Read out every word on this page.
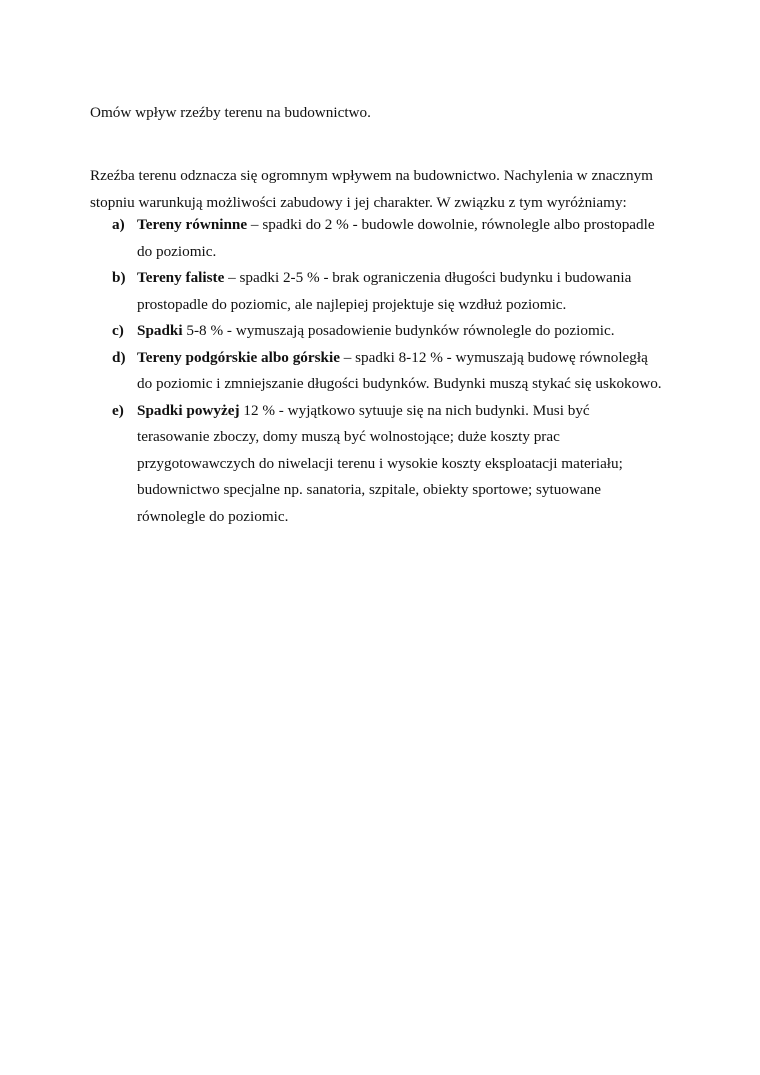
Omów wpływ rzeźby terenu na budownictwo.

Rzeźba terenu odznacza się ogromnym wpływem na budownictwo. Nachylenia w znacznym
stopniu warunkują możliwości zabudowy i jej charakter. W związku z tym wyróżniamy:

a) Tereny równinne – spadki do 2 % - budowle dowolnie, równolegle albo prostopadle
do poziomic.
b) Tereny faliste – spadki 2-5 % - brak ograniczenia długości budynku i budowania
prostopadle do poziomic, ale najlepiej projektuje się wzdłuż poziomic.
c) Spadki 5-8 % - wymuszają posadowienie budynków równolegle do poziomic.
d) Tereny podgórskie albo górskie – spadki 8-12 % - wymuszają budowę równoległą
do poziomic i zmniejszanie długości budynków. Budynki muszą stykać się uskokowo.
e) Spadki powyżej 12 % - wyjątkowo sytuuje się na nich budynki. Musi być
terasowanie zboczy, domy muszą być wolnostojące; duże koszty prac
przygotowawczych do niwelacji terenu i wysokie koszty eksploatacji materiału;
budownictwo specjalne np. sanatoria, szpitale, obiekty sportowe; sytuowane
równolegle do poziomic.
